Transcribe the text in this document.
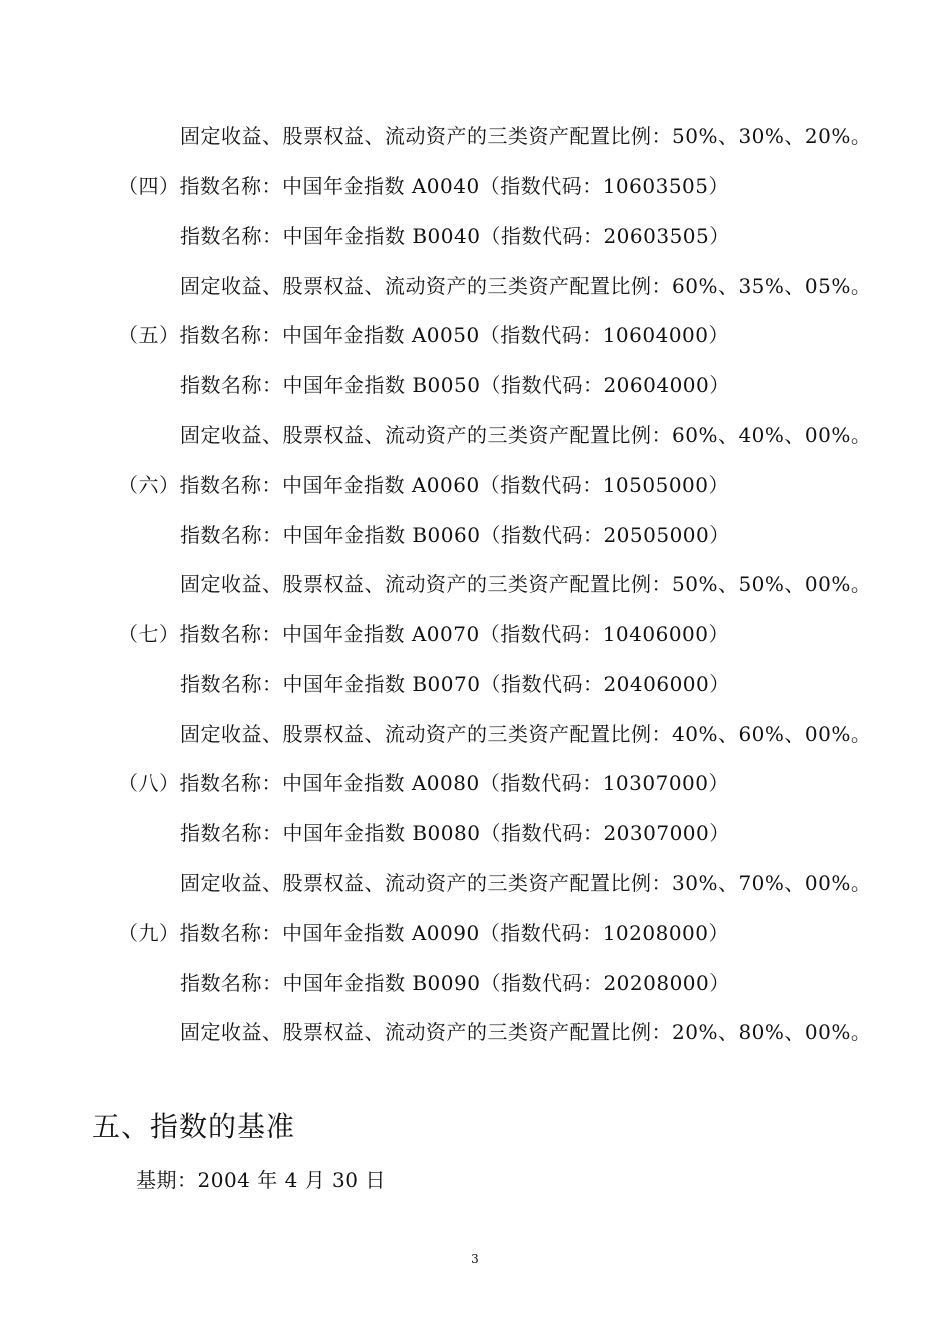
固定收益、股票权益、流动资产的三类资产配置比例：50%、30%、20%。
（四）指数名称：中国年金指数 A0040（指数代码：10603505）
指数名称：中国年金指数 B0040（指数代码：20603505）
固定收益、股票权益、流动资产的三类资产配置比例：60%、35%、05%。
（五）指数名称：中国年金指数 A0050（指数代码：10604000）
指数名称：中国年金指数 B0050（指数代码：20604000）
固定收益、股票权益、流动资产的三类资产配置比例：60%、40%、00%。
（六）指数名称：中国年金指数 A0060（指数代码：10505000）
指数名称：中国年金指数 B0060（指数代码：20505000）
固定收益、股票权益、流动资产的三类资产配置比例：50%、50%、00%。
（七）指数名称：中国年金指数 A0070（指数代码：10406000）
指数名称：中国年金指数 B0070（指数代码：20406000）
固定收益、股票权益、流动资产的三类资产配置比例：40%、60%、00%。
（八）指数名称：中国年金指数 A0080（指数代码：10307000）
指数名称：中国年金指数 B0080（指数代码：20307000）
固定收益、股票权益、流动资产的三类资产配置比例：30%、70%、00%。
（九）指数名称：中国年金指数 A0090（指数代码：10208000）
指数名称：中国年金指数 B0090（指数代码：20208000）
固定收益、股票权益、流动资产的三类资产配置比例：20%、80%、00%。
五、指数的基准
基期：2004 年 4 月 30 日
3
